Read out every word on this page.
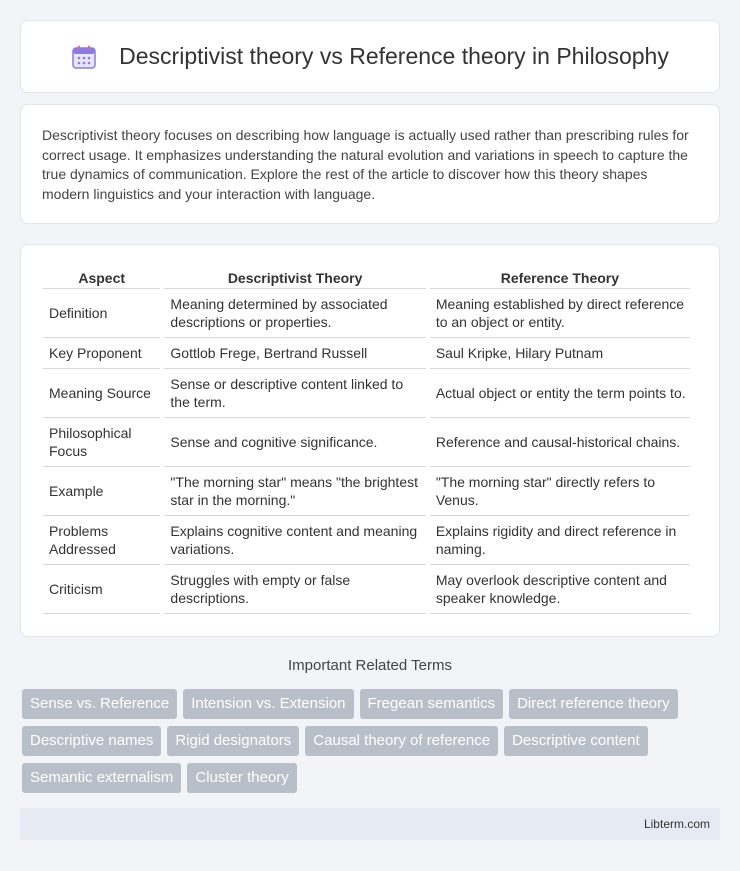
Descriptivist theory vs Reference theory in Philosophy

Descriptivist theory focuses on describing how language is actually used rather than prescribing rules for correct usage. It emphasizes understanding the natural evolution and variations in speech to capture the true dynamics of communication. Explore the rest of the article to discover how this theory shapes modern linguistics and your interaction with language.

Aspect	Descriptivist Theory	Reference Theory
Definition	Meaning determined by associated descriptions or properties.	Meaning established by direct reference to an object or entity.
Key Proponent	Gottlob Frege, Bertrand Russell	Saul Kripke, Hilary Putnam
Meaning Source	Sense or descriptive content linked to the term.	Actual object or entity the term points to.
Philosophical Focus	Sense and cognitive significance.	Reference and causal-historical chains.
Example	"The morning star" means "the brightest star in the morning."	"The morning star" directly refers to Venus.
Problems Addressed	Explains cognitive content and meaning variations.	Explains rigidity and direct reference in naming.
Criticism	Struggles with empty or false descriptions.	May overlook descriptive content and speaker knowledge.
Important Related Terms
Sense vs. Reference	Intension vs. Extension	Fregean semantics	Direct reference theory
Descriptive names	Rigid designators	Causal theory of reference	Descriptive content
Semantic externalism	Cluster theory
Libterm.com
